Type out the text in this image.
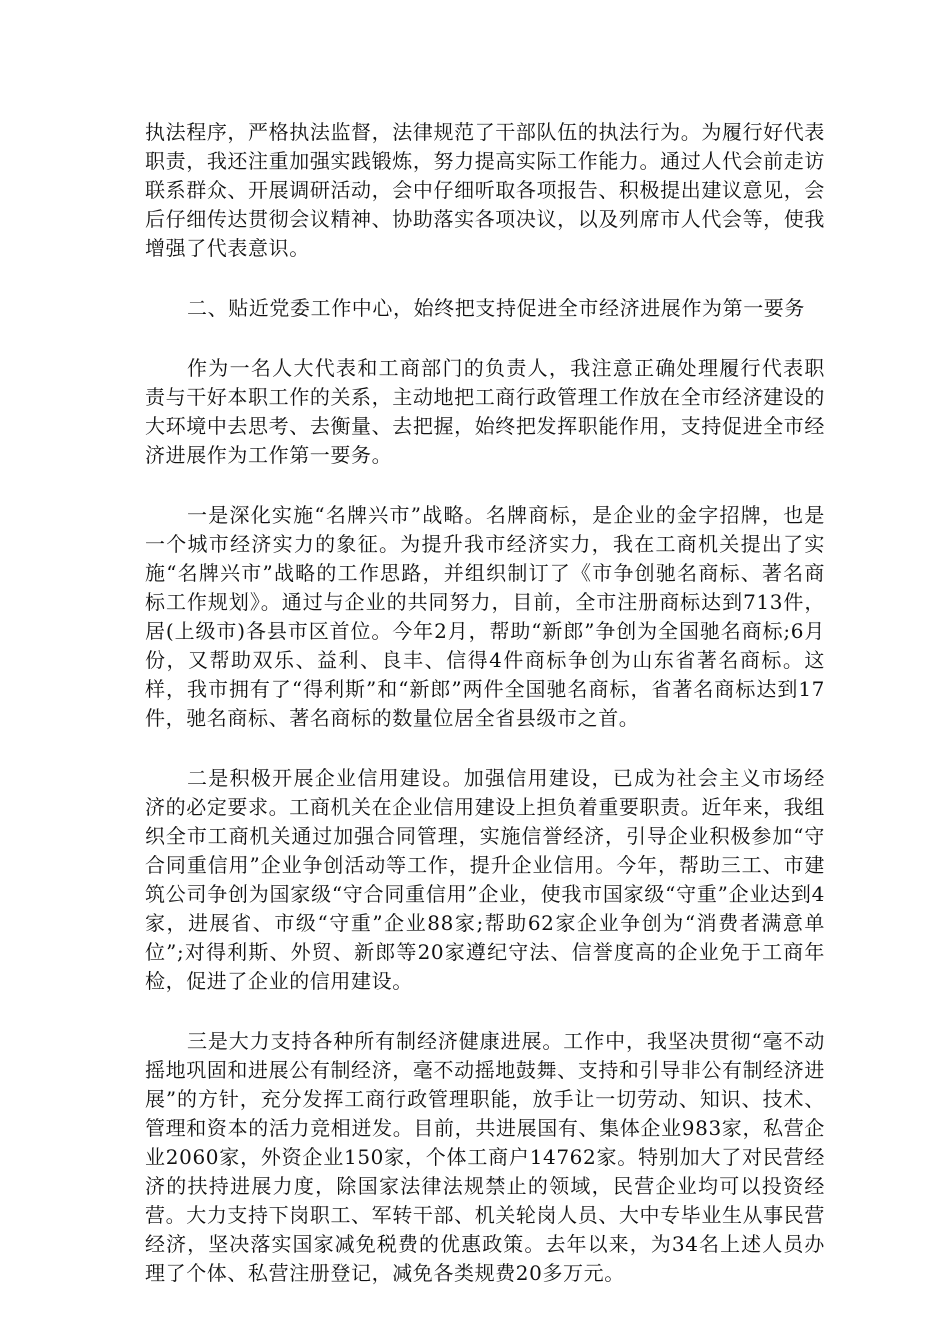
执法程序，严格执法监督，法律规范了干部队伍的执法行为。为履行好代表职责，我还注重加强实践锻炼，努力提高实际工作能力。通过人代会前走访联系群众、开展调研活动，会中仔细听取各项报告、积极提出建议意见，会后仔细传达贯彻会议精神、协助落实各项决议，以及列席市人代会等，使我增强了代表意识。

二、贴近党委工作中心，始终把支持促进全市经济进展作为第一要务

作为一名人大代表和工商部门的负责人，我注意正确处理履行代表职责与干好本职工作的关系，主动地把工商行政管理工作放在全市经济建设的大环境中去思考、去衡量、去把握，始终把发挥职能作用，支持促进全市经济进展作为工作第一要务。

一是深化实施“名牌兴市”战略。名牌商标，是企业的金字招牌，也是一个城市经济实力的象征。为提升我市经济实力，我在工商机关提出了实施“名牌兴市”战略的工作思路，并组织制订了《市争创驰名商标、著名商标工作规划》。通过与企业的共同努力，目前，全市注册商标达到713件，居(上级市)各县市区首位。今年2月，帮助“新郎”争创为全国驰名商标;6月份，又帮助双乐、益利、良丰、信得4件商标争创为山东省著名商标。这样，我市拥有了“得利斯”和“新郎”两件全国驰名商标，省著名商标达到17件，驰名商标、著名商标的数量位居全省县级市之首。

二是积极开展企业信用建设。加强信用建设，已成为社会主义市场经济的必定要求。工商机关在企业信用建设上担负着重要职责。近年来，我组织全市工商机关通过加强合同管理，实施信誉经济，引导企业积极参加“守合同重信用”企业争创活动等工作，提升企业信用。今年，帮助三工、市建筑公司争创为国家级“守合同重信用”企业，使我市国家级“守重”企业达到4家，进展省、市级“守重”企业88家;帮助62家企业争创为“消费者满意单位”;对得利斯、外贸、新郎等20家遵纪守法、信誉度高的企业免于工商年检，促进了企业的信用建设。

三是大力支持各种所有制经济健康进展。工作中，我坚决贯彻“毫不动摇地巩固和进展公有制经济，毫不动摇地鼓舞、支持和引导非公有制经济进展”的方针，充分发挥工商行政管理职能，放手让一切劳动、知识、技术、管理和资本的活力竞相迸发。目前，共进展国有、集体企业983家，私营企业2060家，外资企业150家，个体工商户14762家。特别加大了对民营经济的扶持进展力度，除国家法律法规禁止的领域，民营企业均可以投资经营。大力支持下岗职工、军转干部、机关轮岗人员、大中专毕业生从事民营经济，坚决落实国家减免税费的优惠政策。去年以来，为34名上述人员办理了个体、私营注册登记，减免各类规费20多万元。
